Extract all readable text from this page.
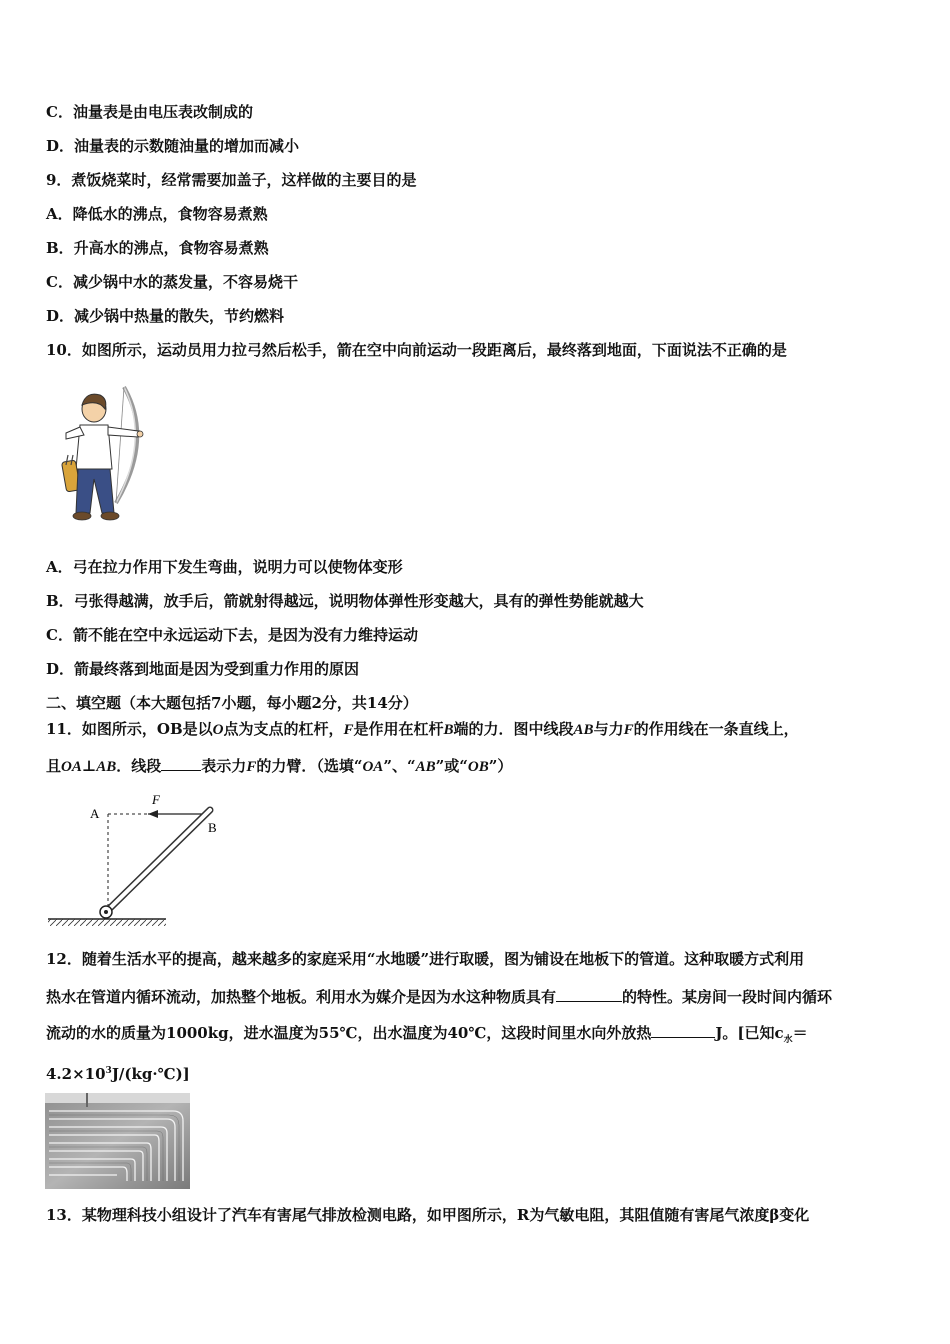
C．油量表是由电压表改制成的
D．油量表的示数随油量的增加而减小
9．煮饭烧菜时，经常需要加盖子，这样做的主要目的是
A．降低水的沸点，食物容易煮熟
B．升高水的沸点，食物容易煮熟
C．减少锅中水的蒸发量，不容易烧干
D．减少锅中热量的散失，节约燃料
10．如图所示，运动员用力拉弓然后松手，箭在空中向前运动一段距离后，最终落到地面，下面说法不正确的是
A．弓在拉力作用下发生弯曲，说明力可以使物体变形
B．弓张得越满，放手后，箭就射得越远，说明物体弹性形变越大，具有的弹性势能就越大
C．箭不能在空中永远运动下去，是因为没有力维持运动
D．箭最终落到地面是因为受到重力作用的原因
二、填空题（本大题包括7小题，每小题2分，共14分）
11．如图所示，OB是以O点为支点的杠杆，F是作用在杠杆B端的力．图中线段AB与力F的作用线在一条直线上，
且OA⊥AB．线段	表示力F的力臂．（选填“OA”、“AB”或“OB”）
A
F
B
12．随着生活水平的提高，越来越多的家庭采用“水地暖”进行取暖，图为铺设在地板下的管道。这种取暖方式利用
热水在管道内循环流动，加热整个地板。利用水为媒介是因为水这种物质具有	的特性。某房间一段时间内循环
流动的水的质量为1000kg，进水温度为55℃，出水温度为40℃，这段时间里水向外放热	J。[已知$c_水=$
$4.2\times 10^3J/(kg\cdot℃)$]
13．某物理科技小组设计了汽车有害尾气排放检测电路，如甲图所示，R为气敏电阻，其阻值随有害尾气浓度β变化
